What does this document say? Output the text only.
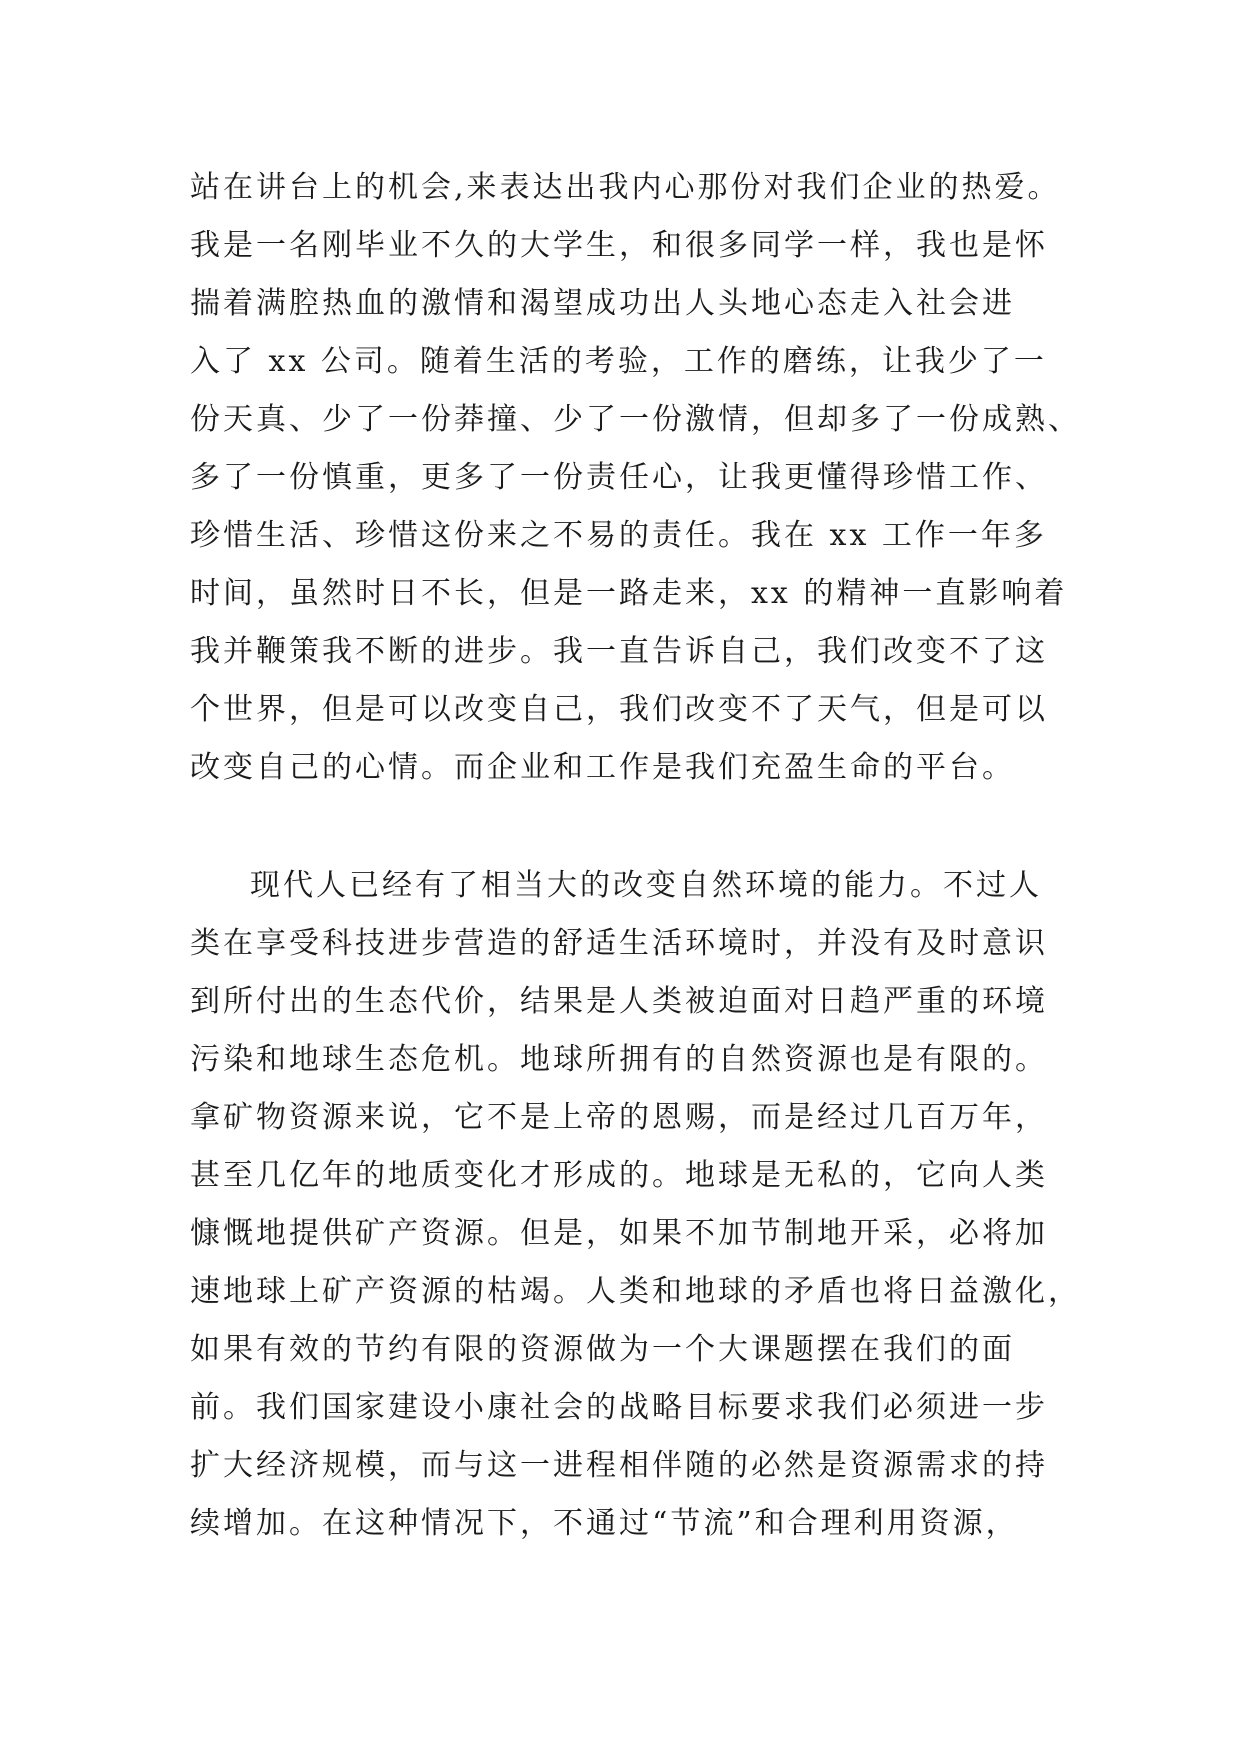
站在讲台上的机会,来表达出我内心那份对我们企业的热爱。
我是一名刚毕业不久的大学生，和很多同学一样，我也是怀
揣着满腔热血的激情和渴望成功出人头地心态走入社会进
入了 xx 公司。随着生活的考验，工作的磨练，让我少了一
份天真、少了一份莽撞、少了一份激情，但却多了一份成熟、
多了一份慎重，更多了一份责任心，让我更懂得珍惜工作、
珍惜生活、珍惜这份来之不易的责任。我在 xx 工作一年多
时间，虽然时日不长，但是一路走来，xx 的精神一直影响着
我并鞭策我不断的进步。我一直告诉自己，我们改变不了这
个世界，但是可以改变自己，我们改变不了天气，但是可以
改变自己的心情。而企业和工作是我们充盈生命的平台。
现代人已经有了相当大的改变自然环境的能力。不过人
类在享受科技进步营造的舒适生活环境时，并没有及时意识
到所付出的生态代价，结果是人类被迫面对日趋严重的环境
污染和地球生态危机。地球所拥有的自然资源也是有限的。
拿矿物资源来说，它不是上帝的恩赐，而是经过几百万年，
甚至几亿年的地质变化才形成的。地球是无私的，它向人类
慷慨地提供矿产资源。但是，如果不加节制地开采，必将加
速地球上矿产资源的枯竭。人类和地球的矛盾也将日益激化，
如果有效的节约有限的资源做为一个大课题摆在我们的面
前。我们国家建设小康社会的战略目标要求我们必须进一步
扩大经济规模，而与这一进程相伴随的必然是资源需求的持
续增加。在这种情况下，不通过“节流”和合理利用资源，
